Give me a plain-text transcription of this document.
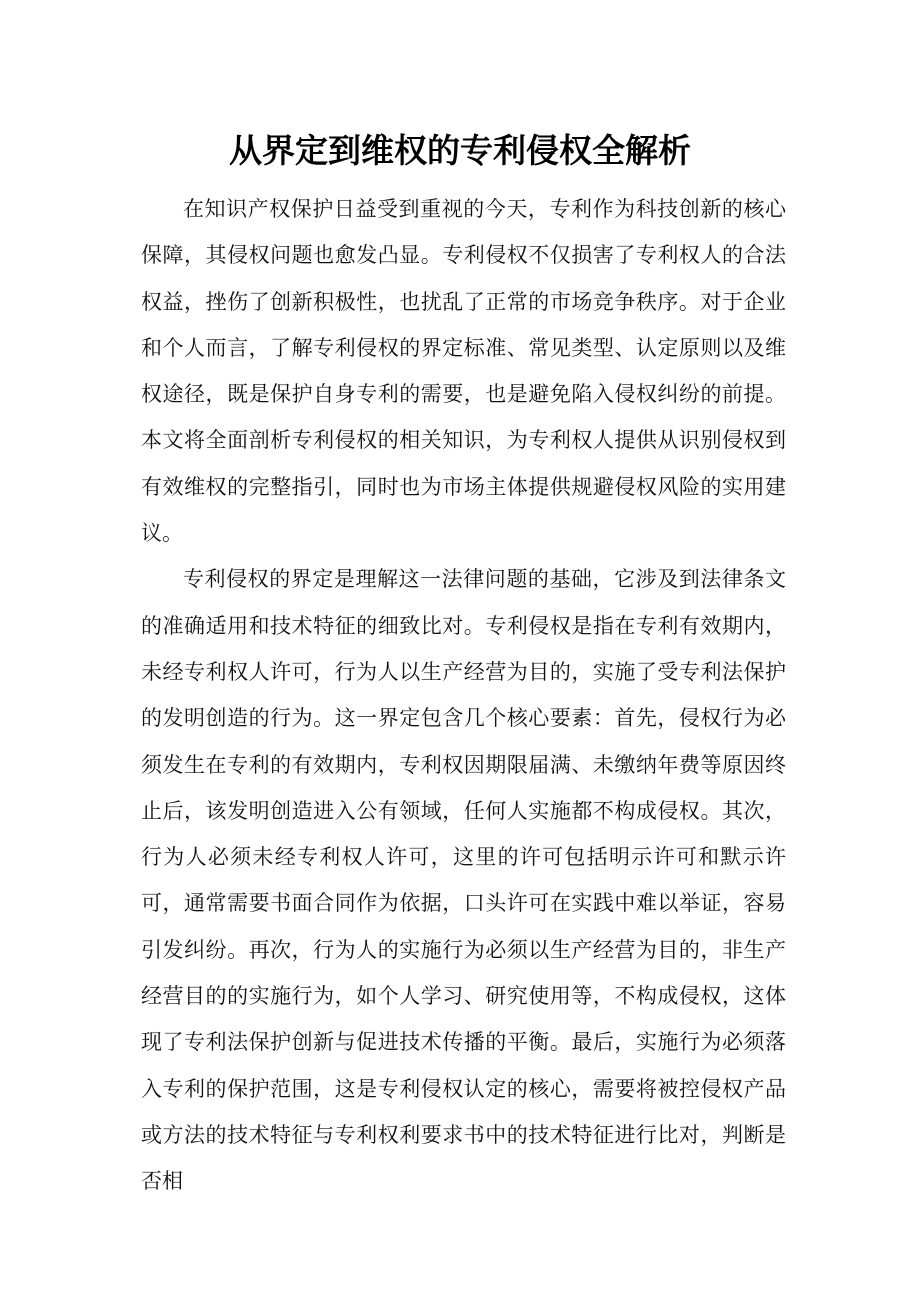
从界定到维权的专利侵权全解析

在知识产权保护日益受到重视的今天，专利作为科技创新的核心保障，其侵权问题也愈发凸显。专利侵权不仅损害了专利权人的合法权益，挫伤了创新积极性，也扰乱了正常的市场竞争秩序。对于企业和个人而言，了解专利侵权的界定标准、常见类型、认定原则以及维权途径，既是保护自身专利的需要，也是避免陷入侵权纠纷的前提。本文将全面剖析专利侵权的相关知识，为专利权人提供从识别侵权到有效维权的完整指引，同时也为市场主体提供规避侵权风险的实用建议。

专利侵权的界定是理解这一法律问题的基础，它涉及到法律条文的准确适用和技术特征的细致比对。专利侵权是指在专利有效期内，未经专利权人许可，行为人以生产经营为目的，实施了受专利法保护的发明创造的行为。这一界定包含几个核心要素：首先，侵权行为必须发生在专利的有效期内，专利权因期限届满、未缴纳年费等原因终止后，该发明创造进入公有领域，任何人实施都不构成侵权。其次，行为人必须未经专利权人许可，这里的许可包括明示许可和默示许可，通常需要书面合同作为依据，口头许可在实践中难以举证，容易引发纠纷。再次，行为人的实施行为必须以生产经营为目的，非生产经营目的的实施行为，如个人学习、研究使用等，不构成侵权，这体现了专利法保护创新与促进技术传播的平衡。最后，实施行为必须落入专利的保护范围，这是专利侵权认定的核心，需要将被控侵权产品或方法的技术特征与专利权利要求书中的技术特征进行比对，判断是否相
